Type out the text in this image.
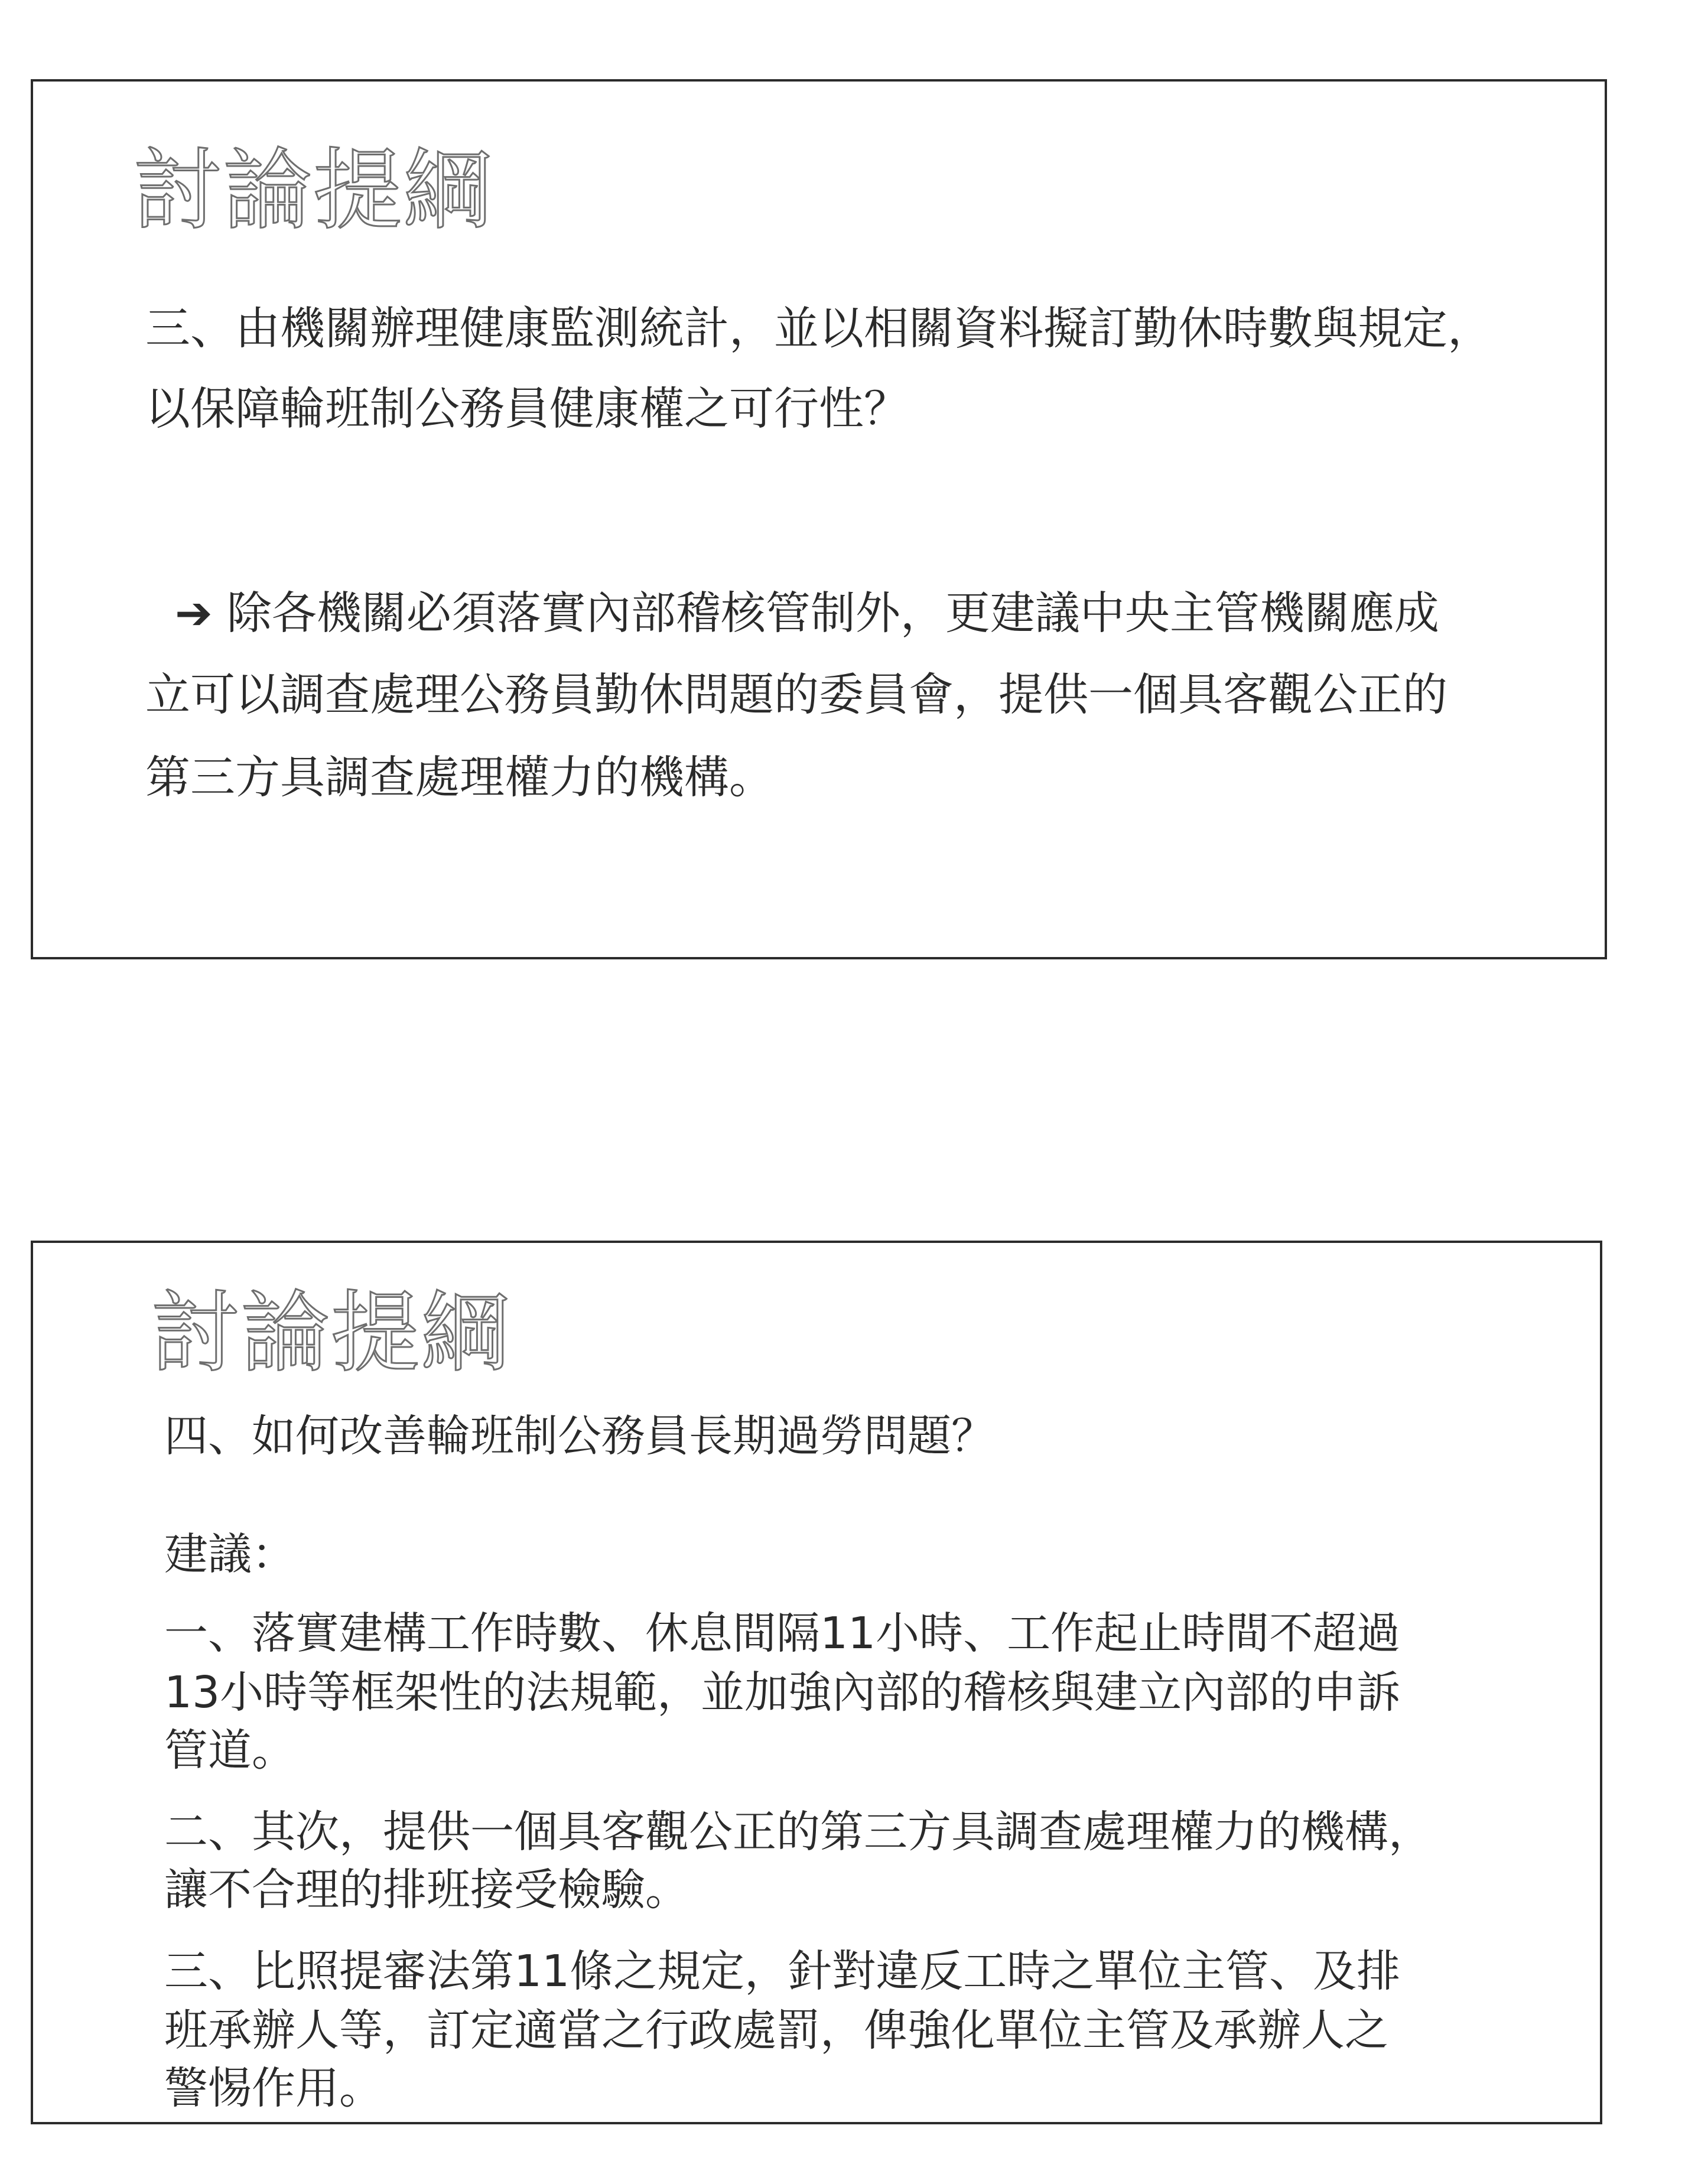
討論提綱

三、由機關辦理健康監測統計，並以相關資料擬訂勤休時數與規定，

以保障輪班制公務員健康權之可行性？

➔ 除各機關必須落實內部稽核管制外，更建議中央主管機關應成

立可以調查處理公務員勤休問題的委員會，提供一個具客觀公正的

第三方具調查處理權力的機構。

討論提綱

四、如何改善輪班制公務員長期過勞問題？

建議：

一、落實建構工作時數、休息間隔11小時、工作起止時間不超過

13小時等框架性的法規範，並加強內部的稽核與建立內部的申訴

管道。

二、其次，提供一個具客觀公正的第三方具調查處理權力的機構，

讓不合理的排班接受檢驗。

三、比照提審法第11條之規定，針對違反工時之單位主管、及排

班承辦人等，訂定適當之行政處罰，俾強化單位主管及承辦人之

警惕作用。
